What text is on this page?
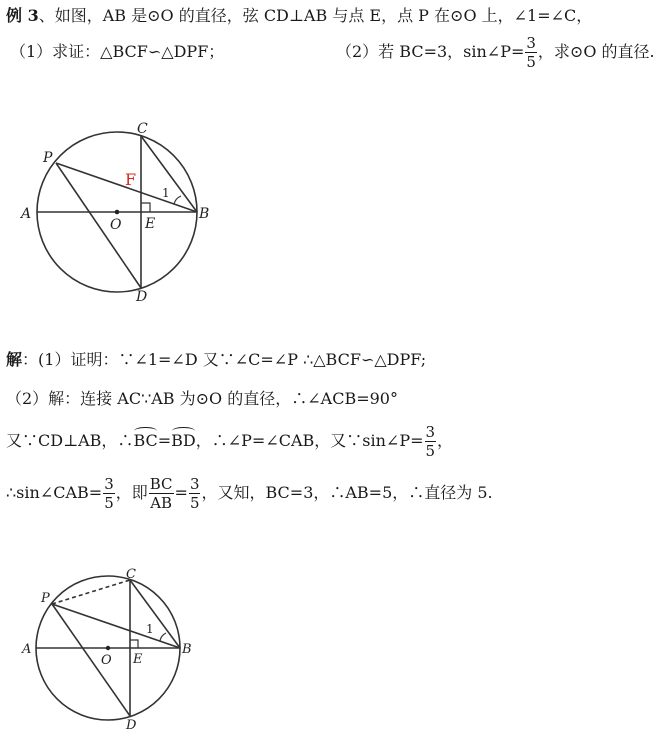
例 3、如图，AB 是⊙O 的直径，弦 CD⊥AB 与点 E，点 P 在⊙O 上，∠1=∠C，
（1）求证：△BCF∽△DPF；	（2）若 BC=3，sin∠P= $\frac{3}{5}$ ，求⊙O 的直径.
A	B
C
D
E
O
P
F
1
解：(1）证明：∵∠1=∠D 又∵∠C=∠P ∴△BCF∽△DPF;
（2）解：连接 AC∵AB 为⊙O 的直径，∴∠ACB=90°
又∵CD⊥AB，∴BC=BD，∴∠P=∠CAB，又∵sin∠P= $\frac{3}{5}$ ，
∴sin∠CAB= $\frac{3}{5}$ ，即 $\frac{BC}{AB} = \frac{3}{5}$ ，又知，BC=3，∴AB=5，∴直径为 5.
A	B
C
D
E
O
P
1
